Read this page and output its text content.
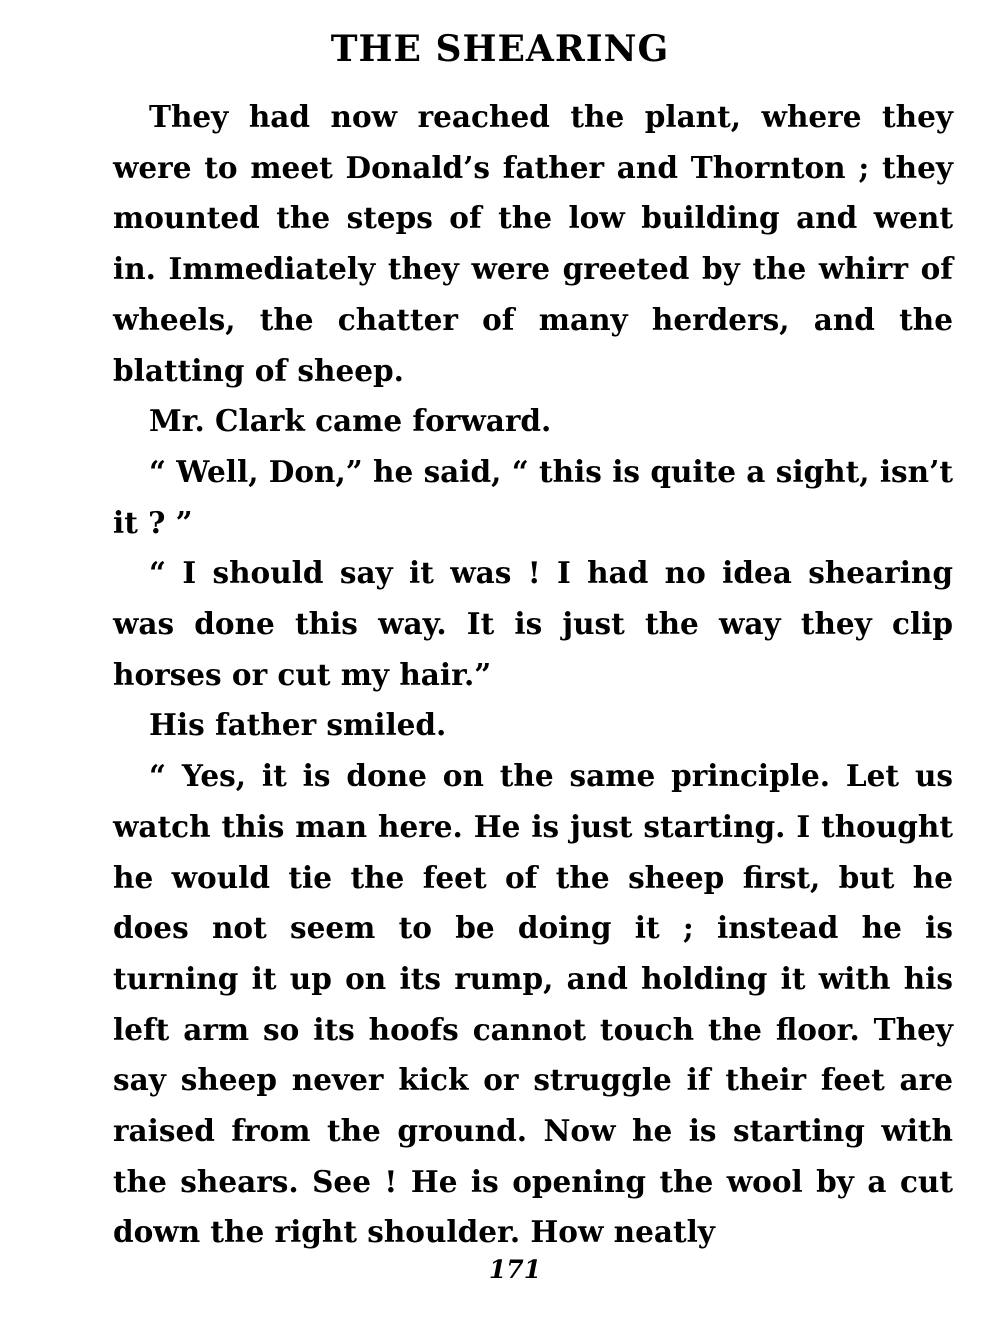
THE SHEARING

They had now reached the plant, where they were to meet Donald’s father and Thornton ; they mounted the steps of the low building and went in. Immediately they were greeted by the whirr of wheels, the chatter of many herders, and the blatting of sheep.

Mr. Clark came forward.

“ Well, Don,” he said, “ this is quite a sight, isn’t it ? ”

“ I should say it was ! I had no idea shearing was done this way. It is just the way they clip horses or cut my hair.”

His father smiled.

“ Yes, it is done on the same principle. Let us watch this man here. He is just starting. I thought he would tie the feet of the sheep first, but he does not seem to be doing it ; instead he is turning it up on its rump, and holding it with his left arm so its hoofs cannot touch the floor. They say sheep never kick or struggle if their feet are raised from the ground. Now he is starting with the shears. See ! He is opening the wool by a cut down the right shoulder. How neatly

171
